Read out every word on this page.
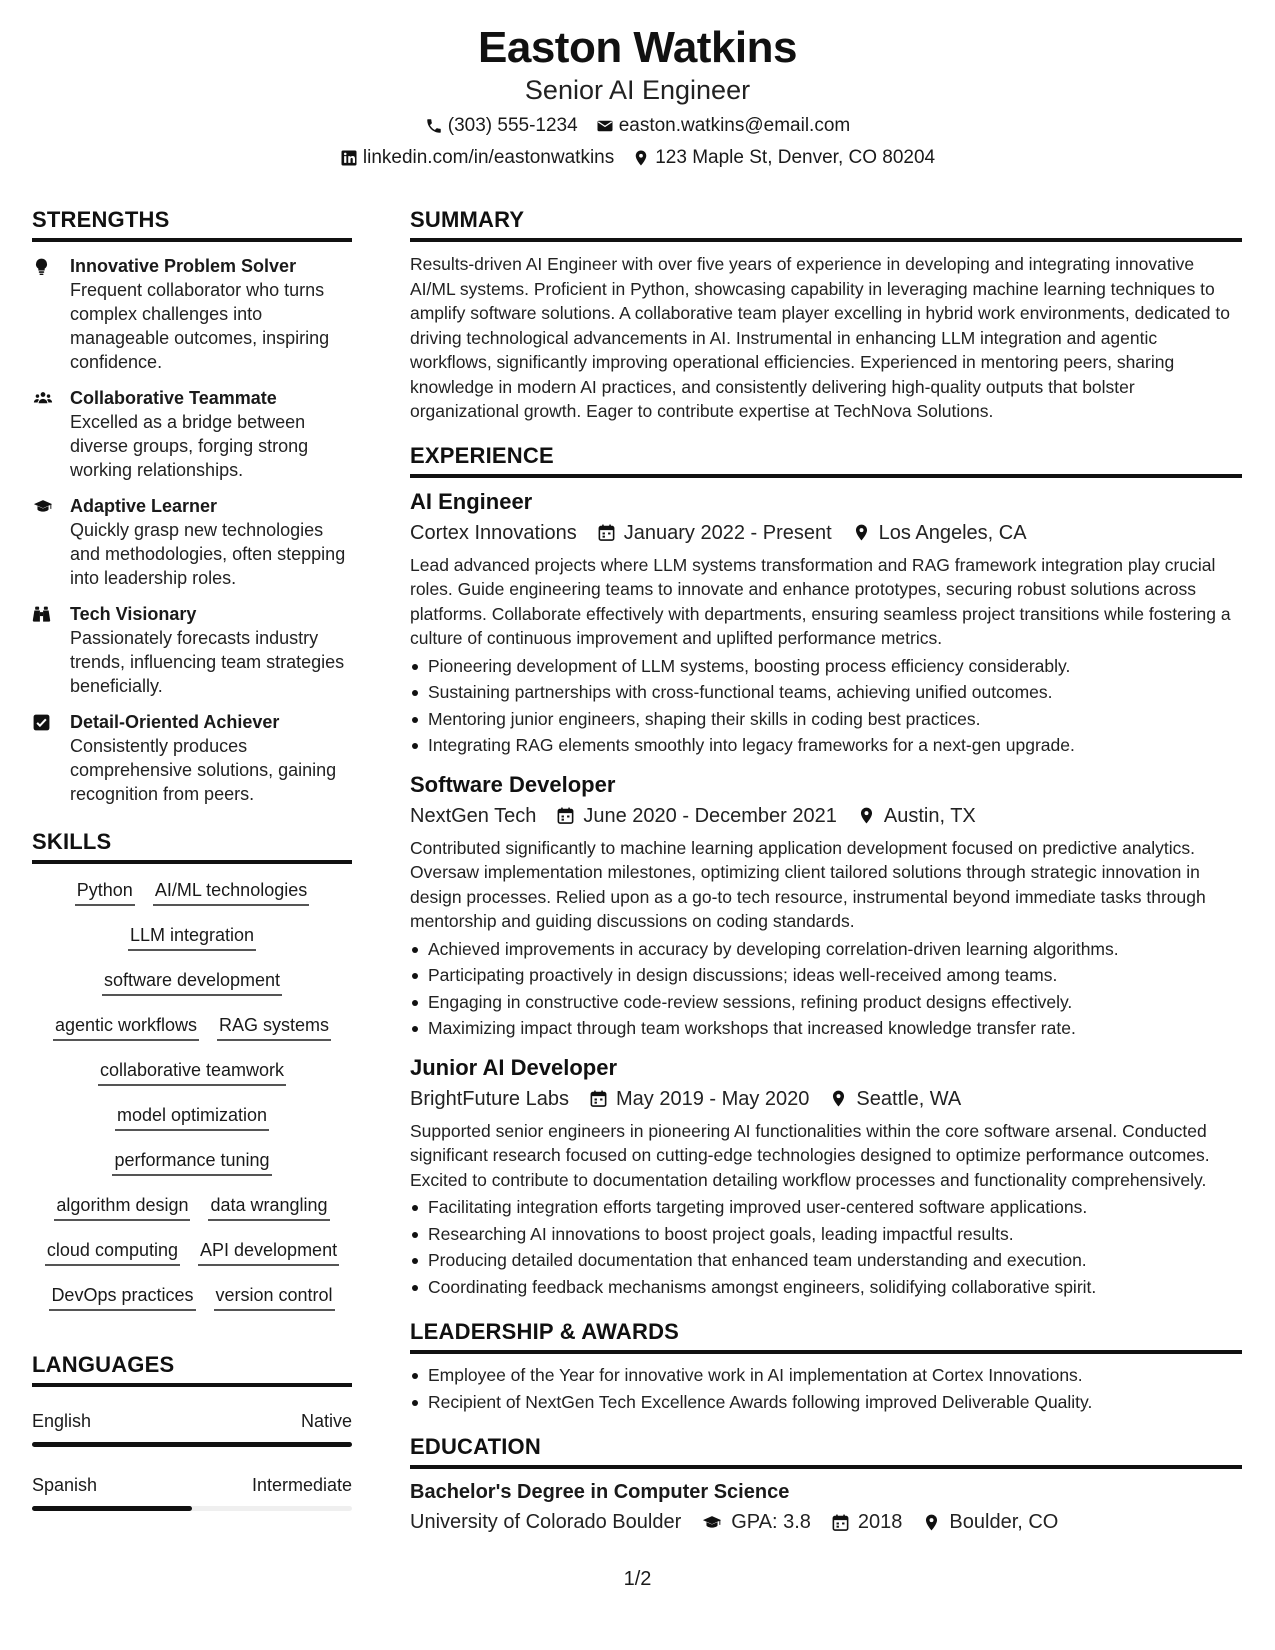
Easton Watkins
Senior AI Engineer
(303) 555-1234 easton.watkins@email.com
linkedin.com/in/eastonwatkins 123 Maple St, Denver, CO 80204
STRENGTHS
Innovative Problem Solver
Frequent collaborator who turns complex challenges into manageable outcomes, inspiring confidence.
Collaborative Teammate
Excelled as a bridge between diverse groups, forging strong working relationships.
Adaptive Learner
Quickly grasp new technologies and methodologies, often stepping into leadership roles.
Tech Visionary
Passionately forecasts industry trends, influencing team strategies beneficially.
Detail-Oriented Achiever
Consistently produces comprehensive solutions, gaining recognition from peers.
SKILLS
Python AI/ML technologies
LLM integration
software development
agentic workflows RAG systems
collaborative teamwork
model optimization
performance tuning
algorithm design data wrangling
cloud computing API development
DevOps practices version control
LANGUAGES
English	Native
Spanish	Intermediate
SUMMARY
Results-driven AI Engineer with over five years of experience in developing and integrating innovative AI/ML systems. Proficient in Python, showcasing capability in leveraging machine learning techniques to amplify software solutions. A collaborative team player excelling in hybrid work environments, dedicated to driving technological advancements in AI. Instrumental in enhancing LLM integration and agentic workflows, significantly improving operational efficiencies. Experienced in mentoring peers, sharing knowledge in modern AI practices, and consistently delivering high-quality outputs that bolster organizational growth. Eager to contribute expertise at TechNova Solutions.
EXPERIENCE
AI Engineer
Cortex Innovations January 2022 - Present Los Angeles, CA
Lead advanced projects where LLM systems transformation and RAG framework integration play crucial roles. Guide engineering teams to innovate and enhance prototypes, securing robust solutions across platforms. Collaborate effectively with departments, ensuring seamless project transitions while fostering a culture of continuous improvement and uplifted performance metrics.
Pioneering development of LLM systems, boosting process efficiency considerably.
Sustaining partnerships with cross-functional teams, achieving unified outcomes.
Mentoring junior engineers, shaping their skills in coding best practices.
Integrating RAG elements smoothly into legacy frameworks for a next-gen upgrade.
Software Developer
NextGen Tech June 2020 - December 2021 Austin, TX
Contributed significantly to machine learning application development focused on predictive analytics. Oversaw implementation milestones, optimizing client tailored solutions through strategic innovation in design processes. Relied upon as a go-to tech resource, instrumental beyond immediate tasks through mentorship and guiding discussions on coding standards.
Achieved improvements in accuracy by developing correlation-driven learning algorithms.
Participating proactively in design discussions; ideas well-received among teams.
Engaging in constructive code-review sessions, refining product designs effectively.
Maximizing impact through team workshops that increased knowledge transfer rate.
Junior AI Developer
BrightFuture Labs May 2019 - May 2020 Seattle, WA
Supported senior engineers in pioneering AI functionalities within the core software arsenal. Conducted significant research focused on cutting-edge technologies designed to optimize performance outcomes. Excited to contribute to documentation detailing workflow processes and functionality comprehensively.
Facilitating integration efforts targeting improved user-centered software applications.
Researching AI innovations to boost project goals, leading impactful results.
Producing detailed documentation that enhanced team understanding and execution.
Coordinating feedback mechanisms amongst engineers, solidifying collaborative spirit.
LEADERSHIP & AWARDS
Employee of the Year for innovative work in AI implementation at Cortex Innovations.
Recipient of NextGen Tech Excellence Awards following improved Deliverable Quality.
EDUCATION
Bachelor's Degree in Computer Science
University of Colorado Boulder	GPA: 3.8 2018 Boulder, CO
1/2
